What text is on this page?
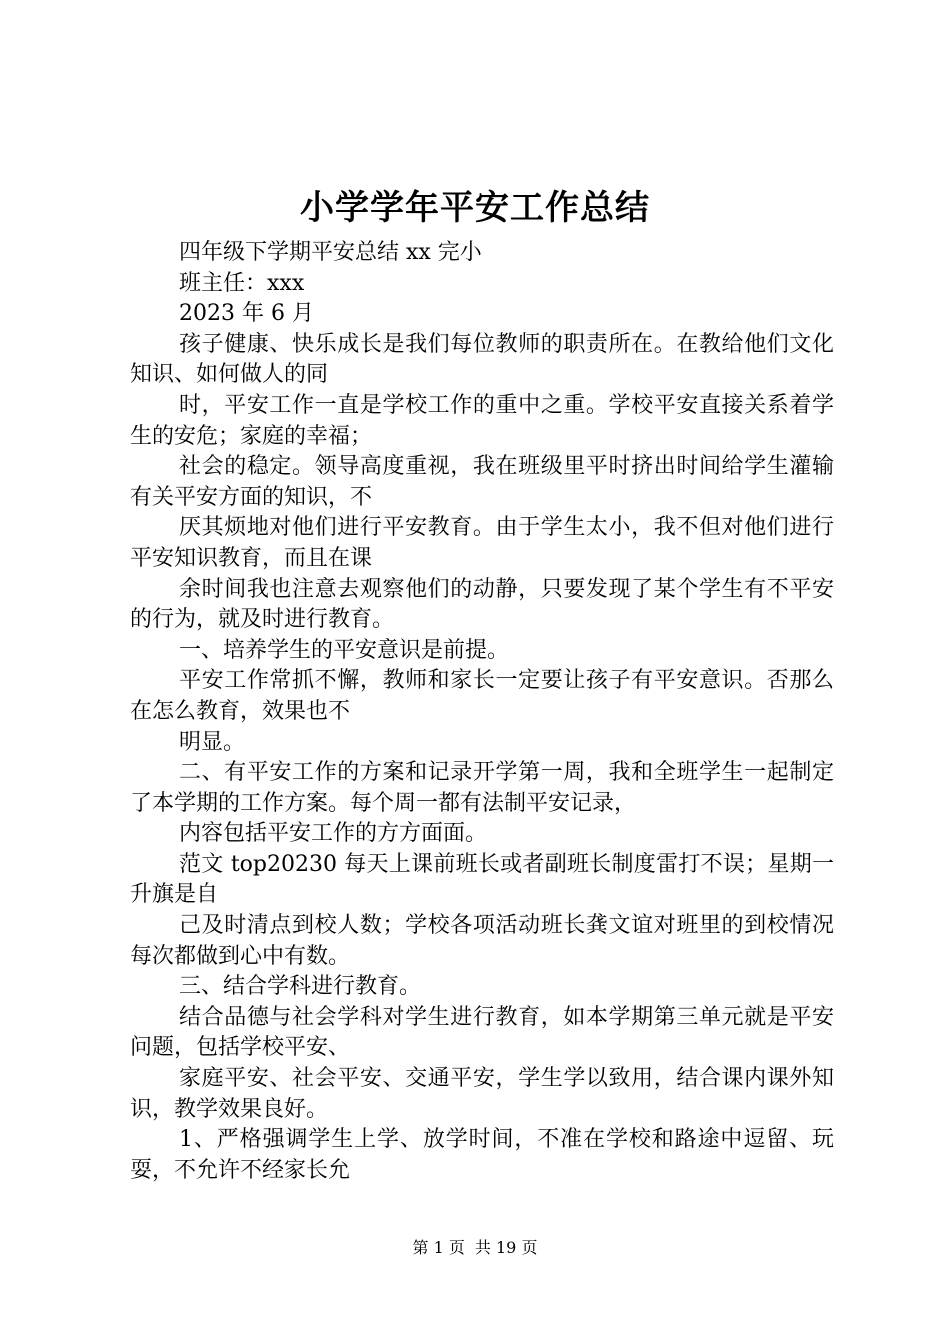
小学学年平安工作总结

四年级下学期平安总结 xx 完小

班主任：xxx

2023 年 6 月

孩子健康、快乐成长是我们每位教师的职责所在。在教给他们文化知识、如何做人的同

时，平安工作一直是学校工作的重中之重。学校平安直接关系着学生的安危；家庭的幸福；

社会的稳定。领导高度重视，我在班级里平时挤出时间给学生灌输有关平安方面的知识，不

厌其烦地对他们进行平安教育。由于学生太小，我不但对他们进行平安知识教育，而且在课

余时间我也注意去观察他们的动静，只要发现了某个学生有不平安的行为，就及时进行教育。

一、培养学生的平安意识是前提。

平安工作常抓不懈，教师和家长一定要让孩子有平安意识。否那么在怎么教育，效果也不

明显。

二、有平安工作的方案和记录开学第一周，我和全班学生一起制定了本学期的工作方案。每个周一都有法制平安记录，

内容包括平安工作的方方面面。

范文 top20230 每天上课前班长或者副班长制度雷打不误；星期一升旗是自

己及时清点到校人数；学校各项活动班长龚文谊对班里的到校情况每次都做到心中有数。

三、结合学科进行教育。

结合品德与社会学科对学生进行教育，如本学期第三单元就是平安问题，包括学校平安、

家庭平安、社会平安、交通平安，学生学以致用，结合课内课外知识，教学效果良好。

1、严格强调学生上学、放学时间，不准在学校和路途中逗留、玩耍，不允许不经家长允

第 1 页 共 19 页
